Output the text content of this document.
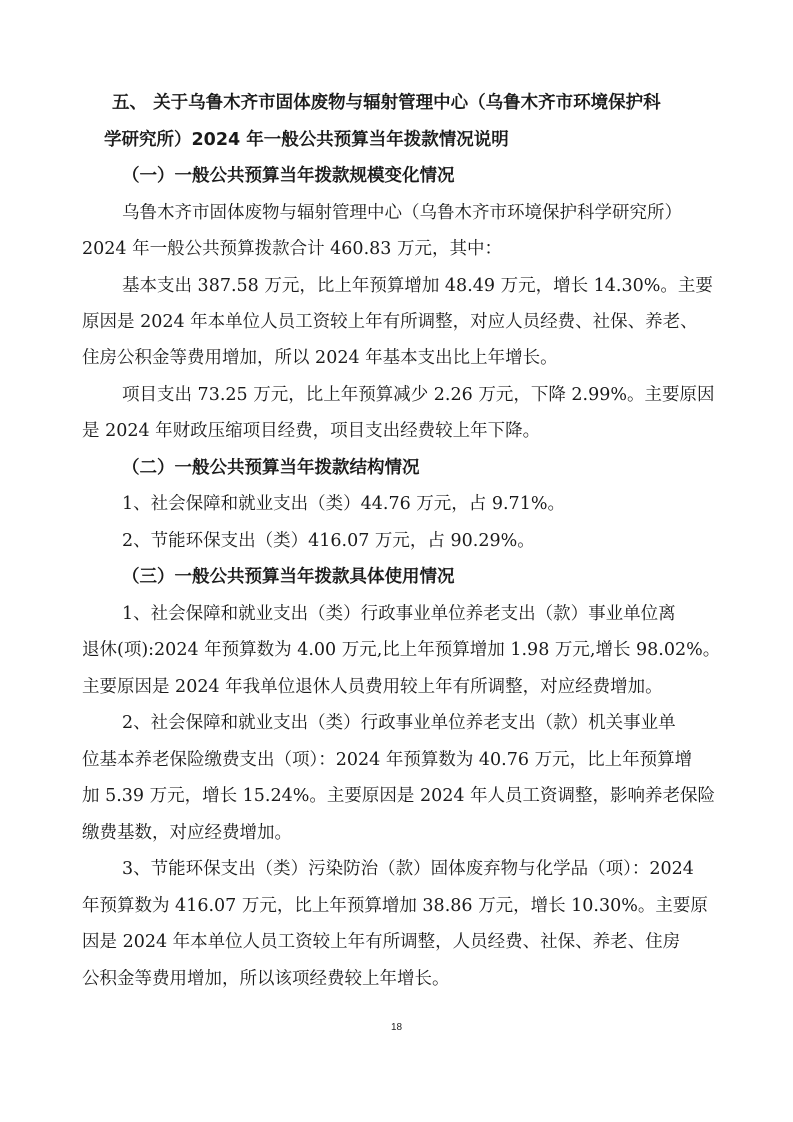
五、 关于乌鲁木齐市固体废物与辐射管理中心（乌鲁木齐市环境保护科
学研究所）2024 年一般公共预算当年拨款情况说明
（一）一般公共预算当年拨款规模变化情况
乌鲁木齐市固体废物与辐射管理中心（乌鲁木齐市环境保护科学研究所）
2024 年一般公共预算拨款合计 460.83 万元，其中：
基本支出 387.58 万元，比上年预算增加 48.49 万元，增长 14.30%。主要
原因是 2024 年本单位人员工资较上年有所调整，对应人员经费、社保、养老、
住房公积金等费用增加，所以 2024 年基本支出比上年增长。
项目支出 73.25 万元，比上年预算减少 2.26 万元，下降 2.99%。主要原因
是 2024 年财政压缩项目经费，项目支出经费较上年下降。
（二）一般公共预算当年拨款结构情况
1、社会保障和就业支出（类）44.76 万元，占 9.71%。
2、节能环保支出（类）416.07 万元，占 90.29%。
（三）一般公共预算当年拨款具体使用情况
1、社会保障和就业支出（类）行政事业单位养老支出（款）事业单位离
退休(项):2024 年预算数为 4.00 万元,比上年预算增加 1.98 万元,增长 98.02%。
主要原因是 2024 年我单位退休人员费用较上年有所调整，对应经费增加。
2、社会保障和就业支出（类）行政事业单位养老支出（款）机关事业单
位基本养老保险缴费支出（项）：2024 年预算数为 40.76 万元，比上年预算增
加 5.39 万元，增长 15.24%。主要原因是 2024 年人员工资调整，影响养老保险
缴费基数，对应经费增加。
3、节能环保支出（类）污染防治（款）固体废弃物与化学品（项）：2024
年预算数为 416.07 万元，比上年预算增加 38.86 万元，增长 10.30%。主要原
因是 2024 年本单位人员工资较上年有所调整，人员经费、社保、养老、住房
公积金等费用增加，所以该项经费较上年增长。
18
